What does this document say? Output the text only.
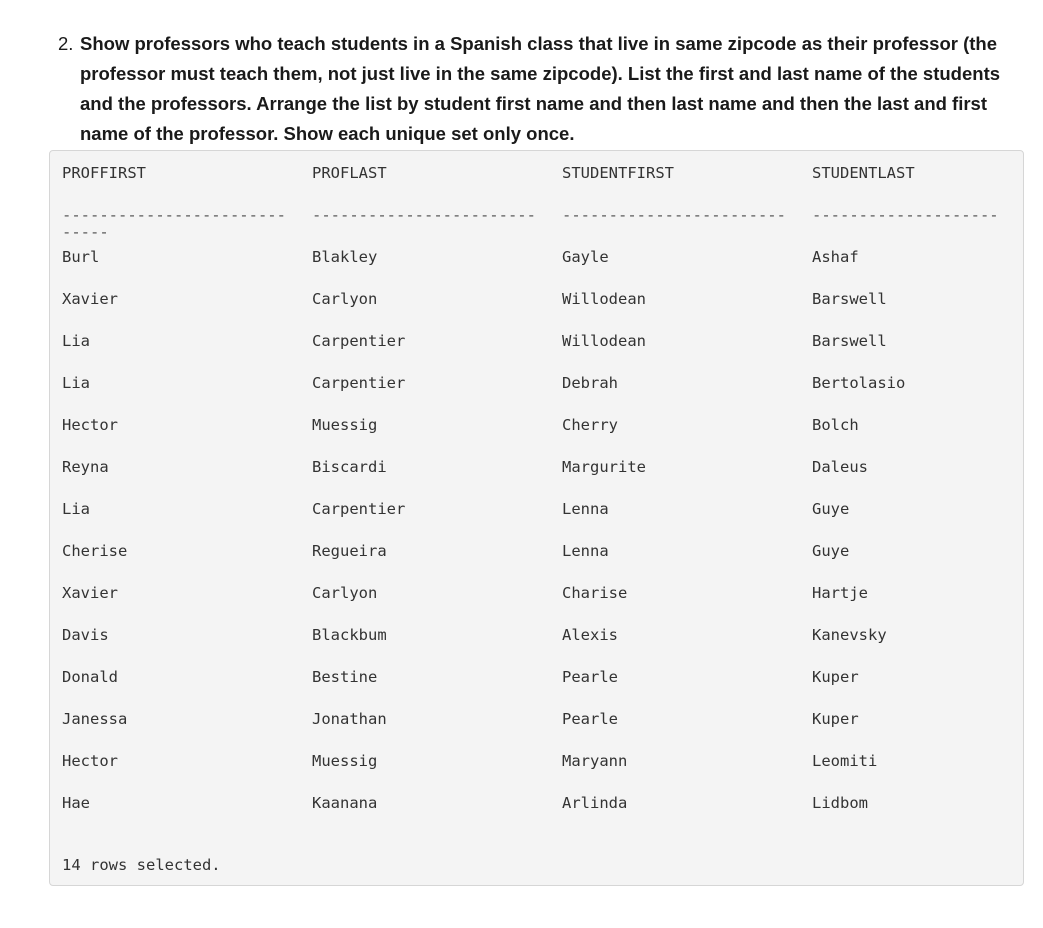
2. Show professors who teach students in a Spanish class that live in same zipcode as their professor (the
professor must teach them, not just live in the same zipcode). List the first and last name of the students
and the professors. Arrange the list by student first name and then last name and then the last and first
name of the professor. Show each unique set only once.

PROFFIRST

	PROFLAST

	STUDENTFIRST

	STUDENTLAST

------------------------

------------------------

------------------------

--------------------

-----

Burl

	Blakley

	Gayle

	Ashaf

Xavier

	Carlyon

	Willodean

	Barswell

Lia

	Carpentier

	Willodean

	Barswell

Lia

	Carpentier

	Debrah

	Bertolasio

Hector

	Muessig

	Cherry

	Bolch

Reyna

	Biscardi

	Margurite

	Daleus

Lia

	Carpentier

	Lenna

	Guye

Cherise

	Regueira

	Lenna

	Guye

Xavier

	Carlyon

	Charise

	Hartje

Davis

	Blackbum

	Alexis

	Kanevsky

Donald

	Bestine

	Pearle

	Kuper

Janessa

	Jonathan

	Pearle

	Kuper

Hector

	Muessig

	Maryann

	Leomiti

Hae

	Kaanana

	Arlinda

	Lidbom

14 rows selected.
